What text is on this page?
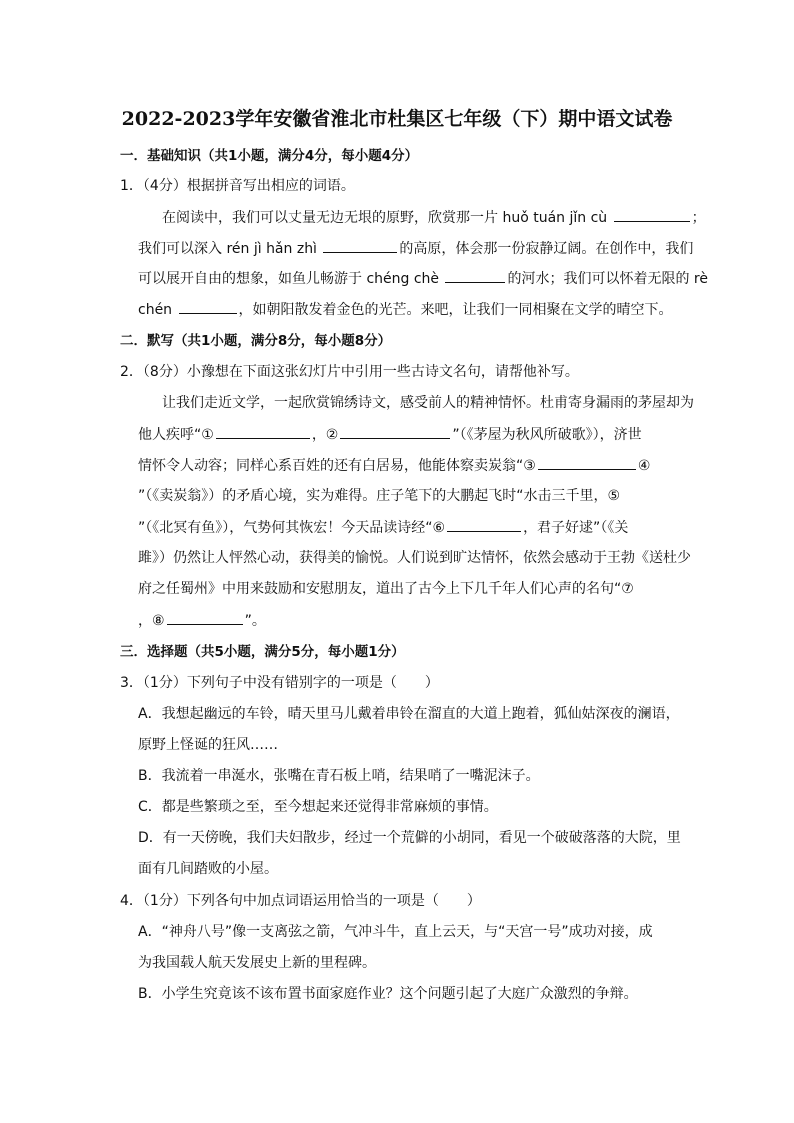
2022-2023学年安徽省淮北市杜集区七年级（下）期中语文试卷
一．基础知识（共1小题，满分4分，每小题4分）
1．（4分）根据拼音写出相应的词语。
在阅读中，我们可以丈量无边无垠的原野，欣赏那一片 huǒ tuán jǐn cù	；
我们可以深入 rén jì hǎn zhì	的高原，体会那一份寂静辽阔。在创作中，我们
可以展开自由的想象，如鱼儿畅游于 chéng chè	的河水；我们可以怀着无限的 rè
chén	，如朝阳散发着金色的光芒。来吧，让我们一同相聚在文学的晴空下。
二．默写（共1小题，满分8分，每小题8分）
2．（8分）小豫想在下面这张幻灯片中引用一些古诗文名句，请帮他补写。
让我们走近文学，一起欣赏锦绣诗文，感受前人的精神情怀。杜甫寄身漏雨的茅屋却为
他人疾呼“①	，②	”（《茅屋为秋风所破歌》），济世
情怀令人动容；同样心系百姓的还有白居易，他能体察卖炭翁“③	④
”（《卖炭翁》）的矛盾心境，实为难得。庄子笔下的大鹏起飞时“水击三千里，⑤
”（《北冥有鱼》），气势何其恢宏！今天品读诗经“⑥	，君子好逑”（《关
雎》）仍然让人怦然心动，获得美的愉悦。人们说到旷达情怀，依然会感动于王勃《送杜少
府之任蜀州》中用来鼓励和安慰朋友，道出了古今上下几千年人们心声的名句“⑦
，⑧	”。
三．选择题（共5小题，满分5分，每小题1分）
3．（1分）下列句子中没有错别字的一项是（　　）
A．我想起幽远的车铃，晴天里马儿戴着串铃在溜直的大道上跑着，狐仙姑深夜的澜语，
原野上怪诞的狂风……
B．我流着一串涎水，张嘴在青石板上哨，结果哨了一嘴泥沫子。
C．都是些繁琐之至，至今想起来还觉得非常麻烦的事情。
D．有一天傍晚，我们夫妇散步，经过一个荒僻的小胡同，看见一个破破落落的大院，里
面有几间踏败的小屋。
4．（1分）下列各句中加点词语运用恰当的一项是（　　）
A．“神舟八号”像一支离弦之箭，气冲斗牛，直上云天，与“天宫一号”成功对接，成
为我国载人航天发展史上新的里程碑。
B．小学生究竟该不该布置书面家庭作业？这个问题引起了大庭广众激烈的争辩。
